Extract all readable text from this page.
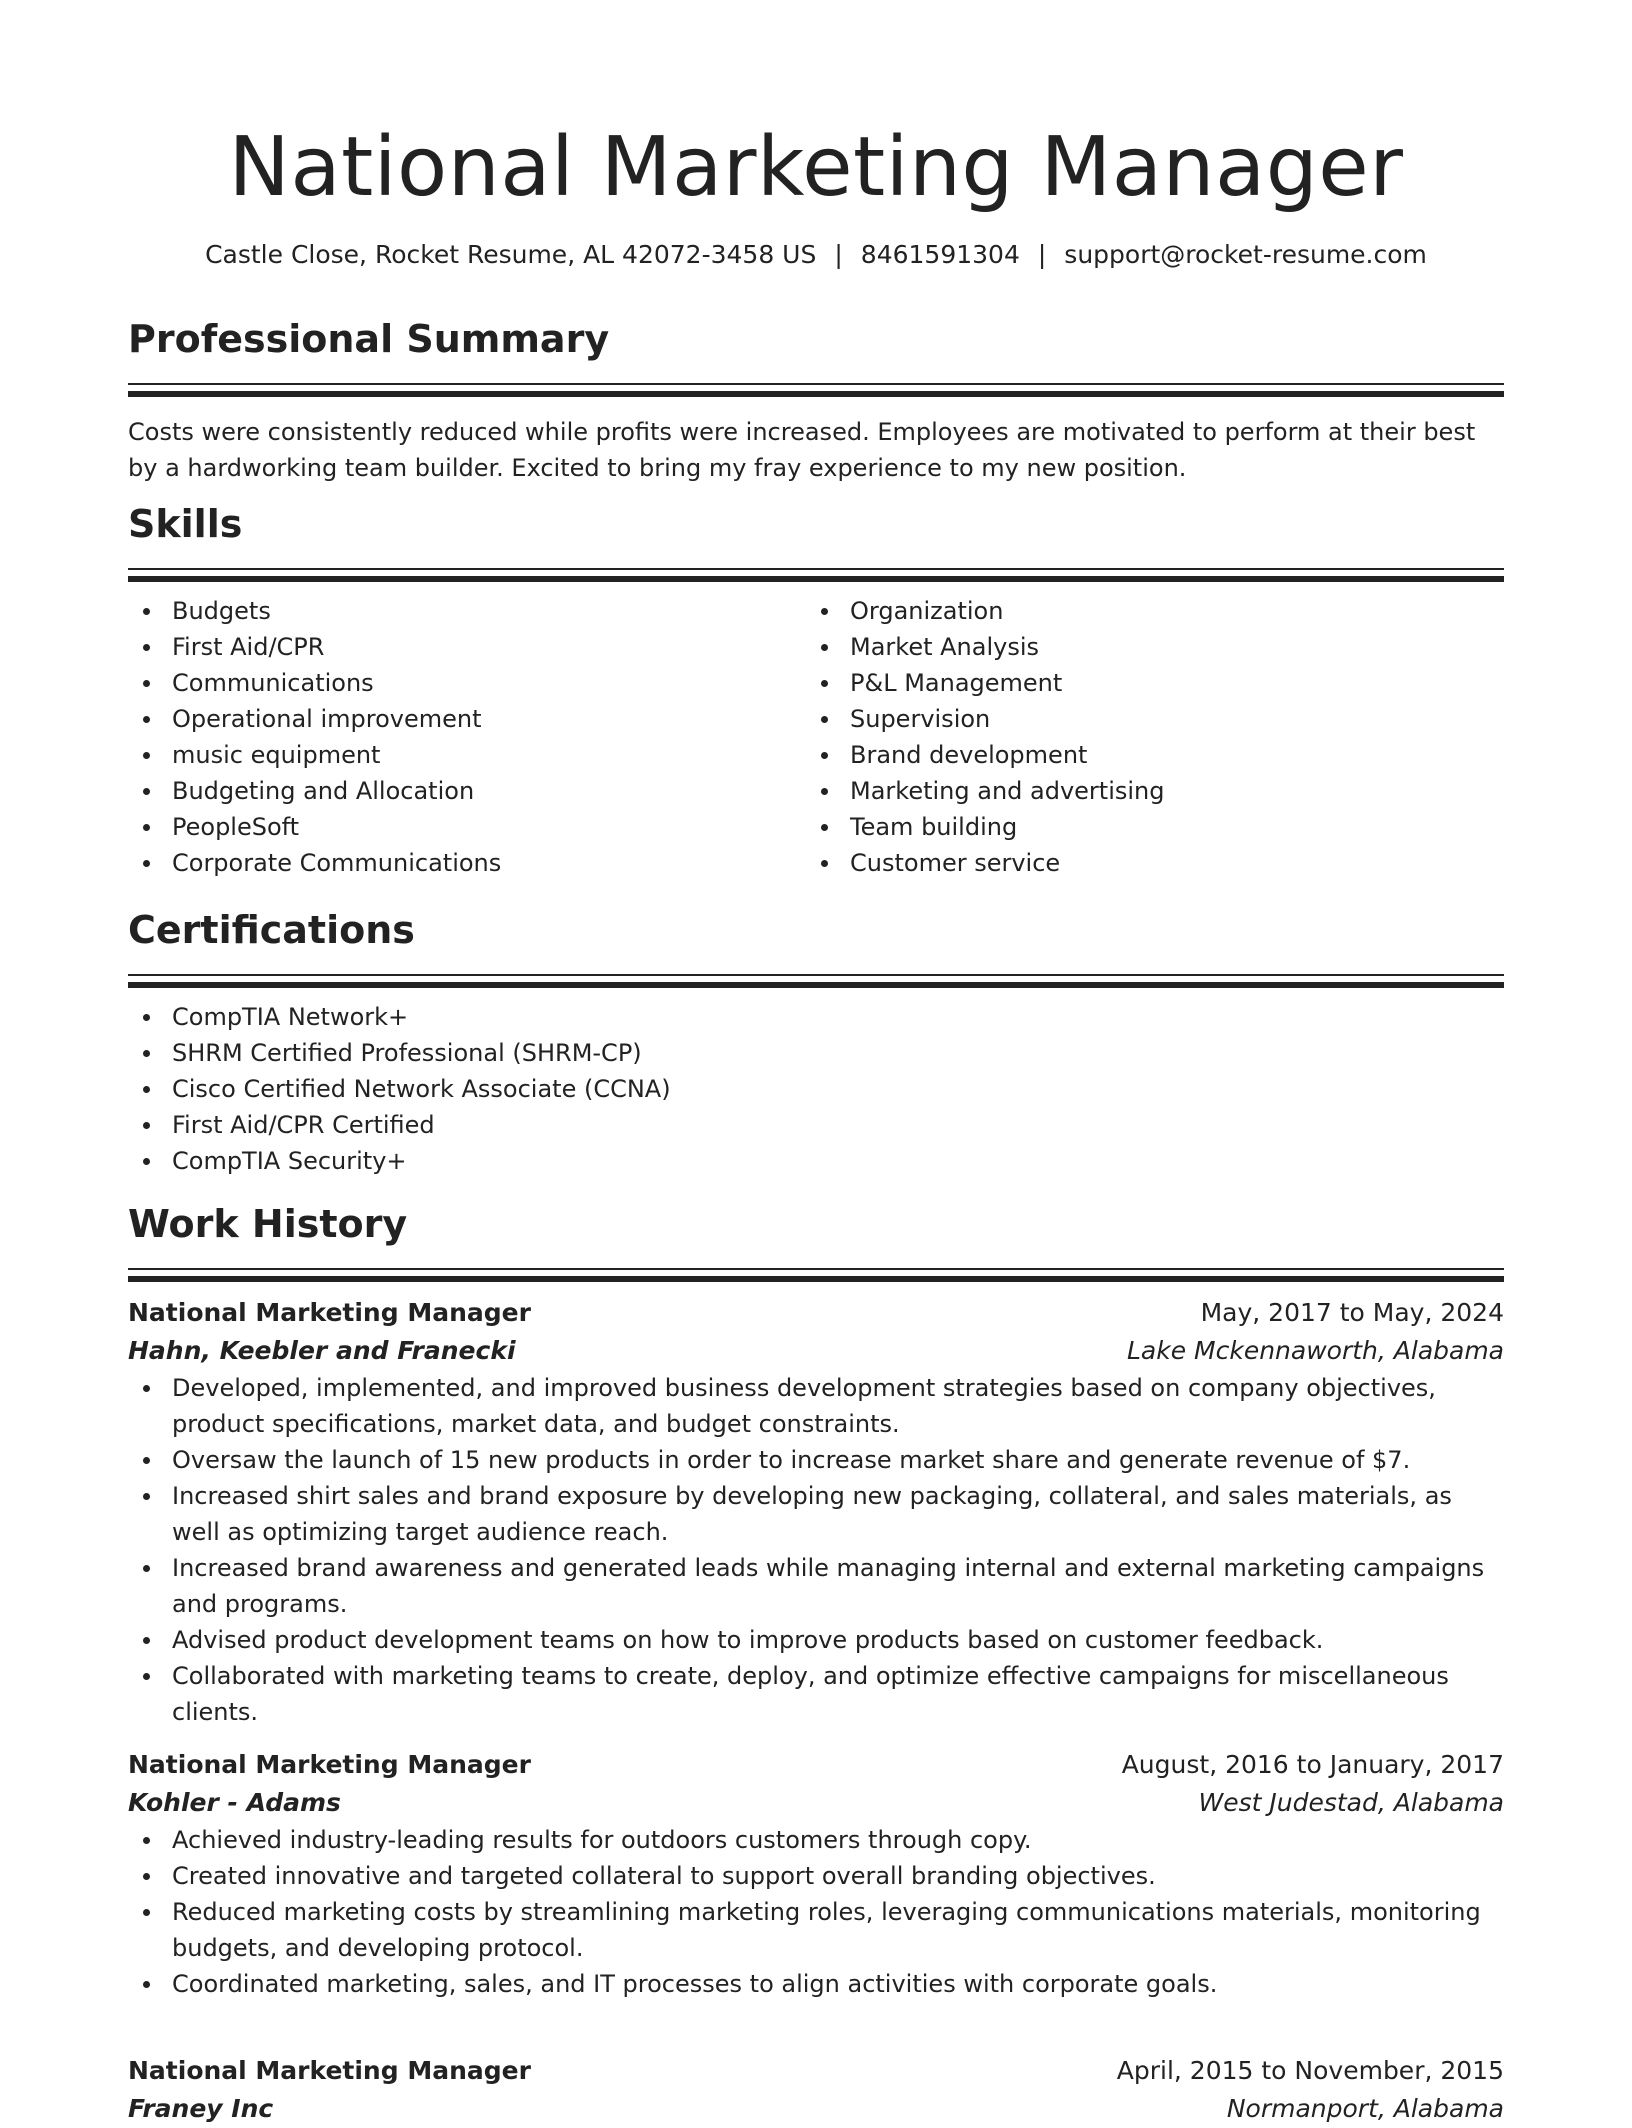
National Marketing Manager
Castle Close, Rocket Resume, AL 42072-3458 US | 8461591304 | support@rocket-resume.com
Professional Summary
Costs were consistently reduced while profits were increased. Employees are motivated to perform at their best by a hardworking team builder. Excited to bring my fray experience to my new position.
Skills
Budgets
First Aid/CPR
Communications
Operational improvement
music equipment
Budgeting and Allocation
PeopleSoft
Corporate Communications
Organization
Market Analysis
P&L Management
Supervision
Brand development
Marketing and advertising
Team building
Customer service
Certifications
CompTIA Network+
SHRM Certified Professional (SHRM-CP)
Cisco Certified Network Associate (CCNA)
First Aid/CPR Certified
CompTIA Security+
Work History
National Marketing Manager	May, 2017 to May, 2024
Hahn, Keebler and Franecki	Lake Mckennaworth, Alabama
Developed, implemented, and improved business development strategies based on company objectives, product specifications, market data, and budget constraints.
Oversaw the launch of 15 new products in order to increase market share and generate revenue of $7.
Increased shirt sales and brand exposure by developing new packaging, collateral, and sales materials, as well as optimizing target audience reach.
Increased brand awareness and generated leads while managing internal and external marketing campaigns and programs.
Advised product development teams on how to improve products based on customer feedback.
Collaborated with marketing teams to create, deploy, and optimize effective campaigns for miscellaneous clients.
National Marketing Manager	August, 2016 to January, 2017
Kohler - Adams	West Judestad, Alabama
Achieved industry-leading results for outdoors customers through copy.
Created innovative and targeted collateral to support overall branding objectives.
Reduced marketing costs by streamlining marketing roles, leveraging communications materials, monitoring budgets, and developing protocol.
Coordinated marketing, sales, and IT processes to align activities with corporate goals.
National Marketing Manager	April, 2015 to November, 2015
Franey Inc	Normanport, Alabama
